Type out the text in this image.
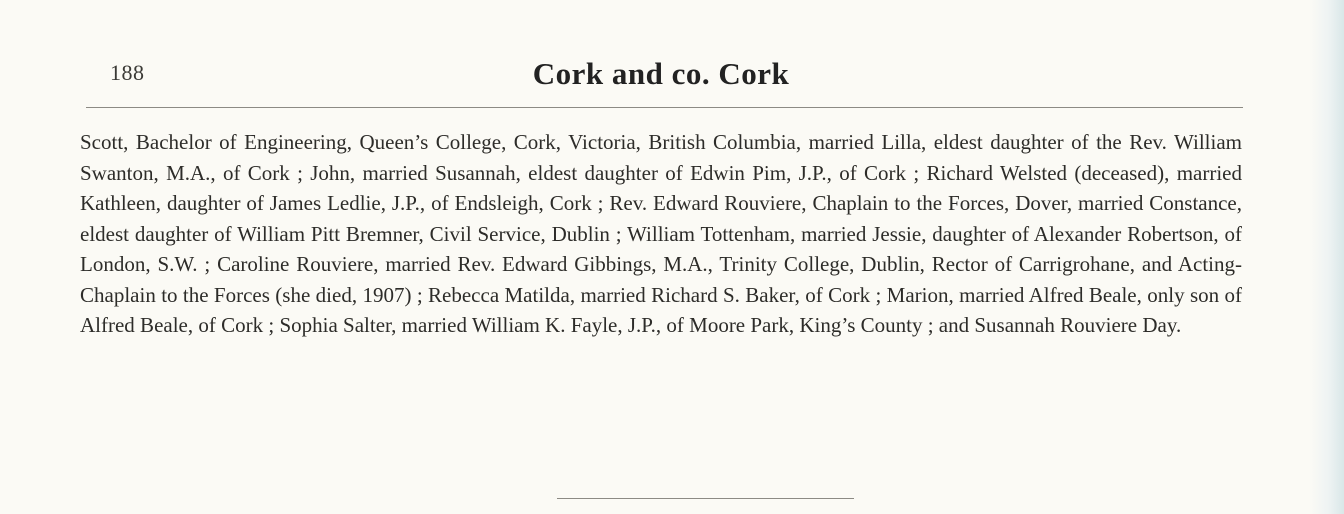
188	Cork and co. Cork
Scott, Bachelor of Engineering, Queen’s College, Cork, Victoria, British Columbia, married Lilla, eldest daughter of the Rev. William Swanton, M.A., of Cork ; John, married Susannah, eldest daughter of Edwin Pim, J.P., of Cork ; Richard Welsted (deceased), married Kathleen, daughter of James Ledlie, J.P., of Endsleigh, Cork ; Rev. Edward Rouviere, Chaplain to the Forces, Dover, married Constance, eldest daughter of William Pitt Bremner, Civil Service, Dublin ; William Tottenham, married Jessie, daughter of Alexander Robertson, of London, S.W. ; Caroline Rouviere, married Rev. Edward Gibbings, M.A., Trinity College, Dublin, Rector of Carrigrohane, and Acting-Chaplain to the Forces (she died, 1907) ; Rebecca Matilda, married Richard S. Baker, of Cork ; Marion, married Alfred Beale, only son of Alfred Beale, of Cork ; Sophia Salter, married William K. Fayle, J.P., of Moore Park, King’s County ; and Susannah Rouviere Day.
